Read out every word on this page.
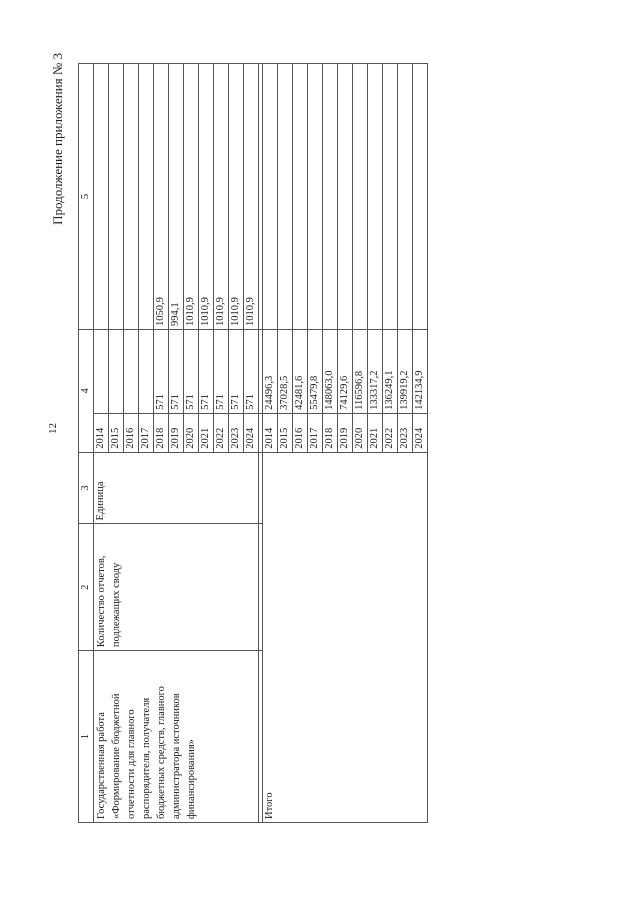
12
Продолжение приложения № 3
1	2	3	4		5
Государственная работа «Формирование бюджетной отчетности для главного распорядителя, получателя бюджетных средств, главного администратора источников финансирования»	Количество отчетов, подлежащих своду	Единица	2014		
			2015		
			2016		
			2017		
			2018	571	1050,9
			2019	571	994,1
			2020	571	1010,9
			2021	571	1010,9
			2022	571	1010,9
			2023	571	1010,9
			2024	571	1010,9

Итого			2014	24496,3	
			2015	37028,5	
			2016	42481,6	
			2017	55479,8	
			2018	148063,0	
			2019	74129,6	
			2020	116596,8	
			2021	133317,2	
			2022	136249,1	
			2023	139919,2	
			2024	142134,9	
